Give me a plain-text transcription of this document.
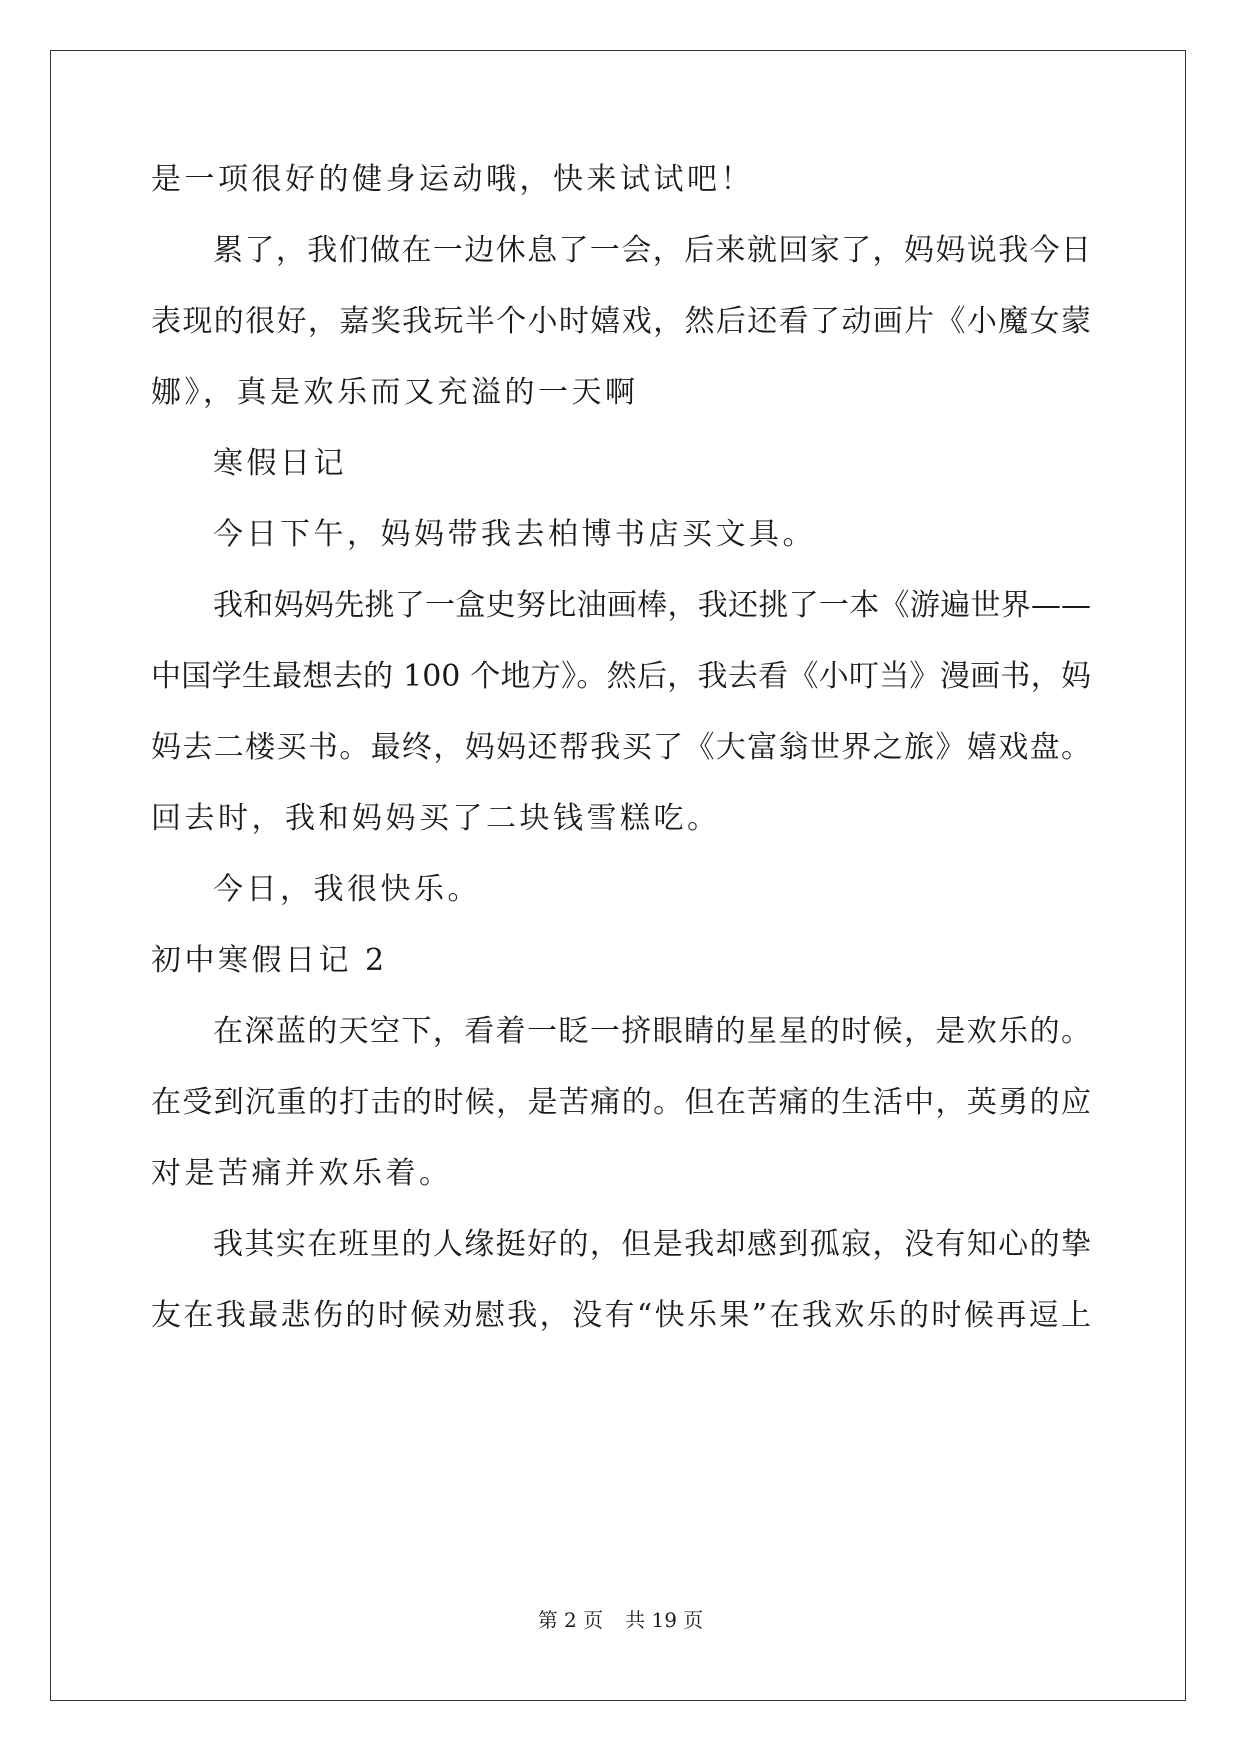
是一项很好的健身运动哦，快来试试吧！
累了，我们做在一边休息了一会，后来就回家了，妈妈说我今日
表现的很好，嘉奖我玩半个小时嬉戏，然后还看了动画片《小魔女蒙
娜》，真是欢乐而又充溢的一天啊
寒假日记
今日下午，妈妈带我去柏博书店买文具。
我和妈妈先挑了一盒史努比油画棒，我还挑了一本《游遍世界——
中国学生最想去的 100 个地方》。然后，我去看《小叮当》漫画书，妈
妈去二楼买书。最终，妈妈还帮我买了《大富翁世界之旅》嬉戏盘。
回去时，我和妈妈买了二块钱雪糕吃。
今日，我很快乐。
初中寒假日记 2
在深蓝的天空下，看着一眨一挤眼睛的星星的时候，是欢乐的。
在受到沉重的打击的时候，是苦痛的。但在苦痛的生活中，英勇的应
对是苦痛并欢乐着。
我其实在班里的人缘挺好的，但是我却感到孤寂，没有知心的挚
友在我最悲伤的时候劝慰我，没有“快乐果”在我欢乐的时候再逗上
第 2 页 共 19 页
